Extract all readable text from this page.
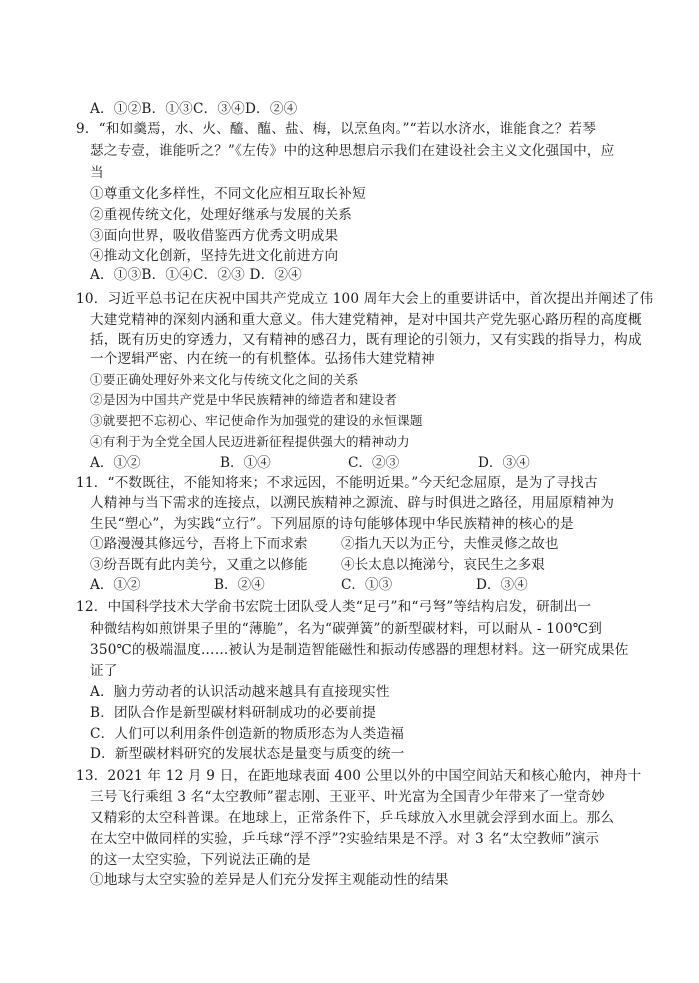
A．①②B．①③C．③④D．②④
9．“和如羹焉，水、火、醯、醢、盐、梅，以烹鱼肉。”“若以水济水，谁能食之？若琴
瑟之专壹，谁能听之？”《左传》中的这种思想启示我们在建设社会主义文化强国中，应
当
①尊重文化多样性，不同文化应相互取长补短
②重视传统文化，处理好继承与发展的关系
③面向世界，吸收借鉴西方优秀文明成果
④推动文化创新，坚持先进文化前进方向
A．①③B．①④C．②③ D．②④
10．习近平总书记在庆祝中国共产党成立 100 周年大会上的重要讲话中，首次提出并阐述了伟
大建党精神的深刻内涵和重大意义。伟大建党精神，是对中国共产党先驱心路历程的高度概
括，既有历史的穿透力，又有精神的感召力，既有理论的引领力，又有实践的指导力，构成
一个逻辑严密、内在统一的有机整体。弘扬伟大建党精神
①要正确处理好外来文化与传统文化之间的关系
②是因为中国共产党是中华民族精神的缔造者和建设者
③就要把不忘初心、牢记使命作为加强党的建设的永恒课题
④有利于为全党全国人民迈进新征程提供强大的精神动力
A．①②	B．①④	C．②③	D．③④
11．“不数既往，不能知将来；不求远因，不能明近果。”今天纪念屈原，是为了寻找古
人精神与当下需求的连接点，以溯民族精神之源流、辟与时俱进之路径，用屈原精神为
生民“塑心”，为实践“立行”。下列屈原的诗句能够体现中华民族精神的核心的是
①路漫漫其修远兮，吾将上下而求索 ②指九天以为正兮，夫惟灵修之故也
③纷吾既有此内美兮，又重之以修能 ④长太息以掩涕兮，哀民生之多艰
A．①②	B．②④	C．①③	D．③④
12．中国科学技术大学俞书宏院士团队受人类“足弓”和“弓弩”等结构启发，研制出一
种微结构如煎饼果子里的“薄脆”，名为“碳弹簧”的新型碳材料，可以耐从 - 100℃到
350℃的极端温度……被认为是制造智能磁性和振动传感器的理想材料。这一研究成果佐
证了
A．脑力劳动者的认识活动越来越具有直接现实性
B．团队合作是新型碳材料研制成功的必要前提
C．人们可以利用条件创造新的物质形态为人类造福
D．新型碳材料研究的发展状态是量变与质变的统一
13．2021 年 12 月 9 日，在距地球表面 400 公里以外的中国空间站天和核心舱内，神舟十
三号飞行乘组 3 名“太空教师”翟志刚、王亚平、叶光富为全国青少年带来了一堂奇妙
又精彩的太空科普课。在地球上，正常条件下，乒乓球放入水里就会浮到水面上。那么
在太空中做同样的实验，乒乓球“浮不浮”?实验结果是不浮。对 3 名“太空教师”演示
的这一太空实验，下列说法正确的是
①地球与太空实验的差异是人们充分发挥主观能动性的结果
